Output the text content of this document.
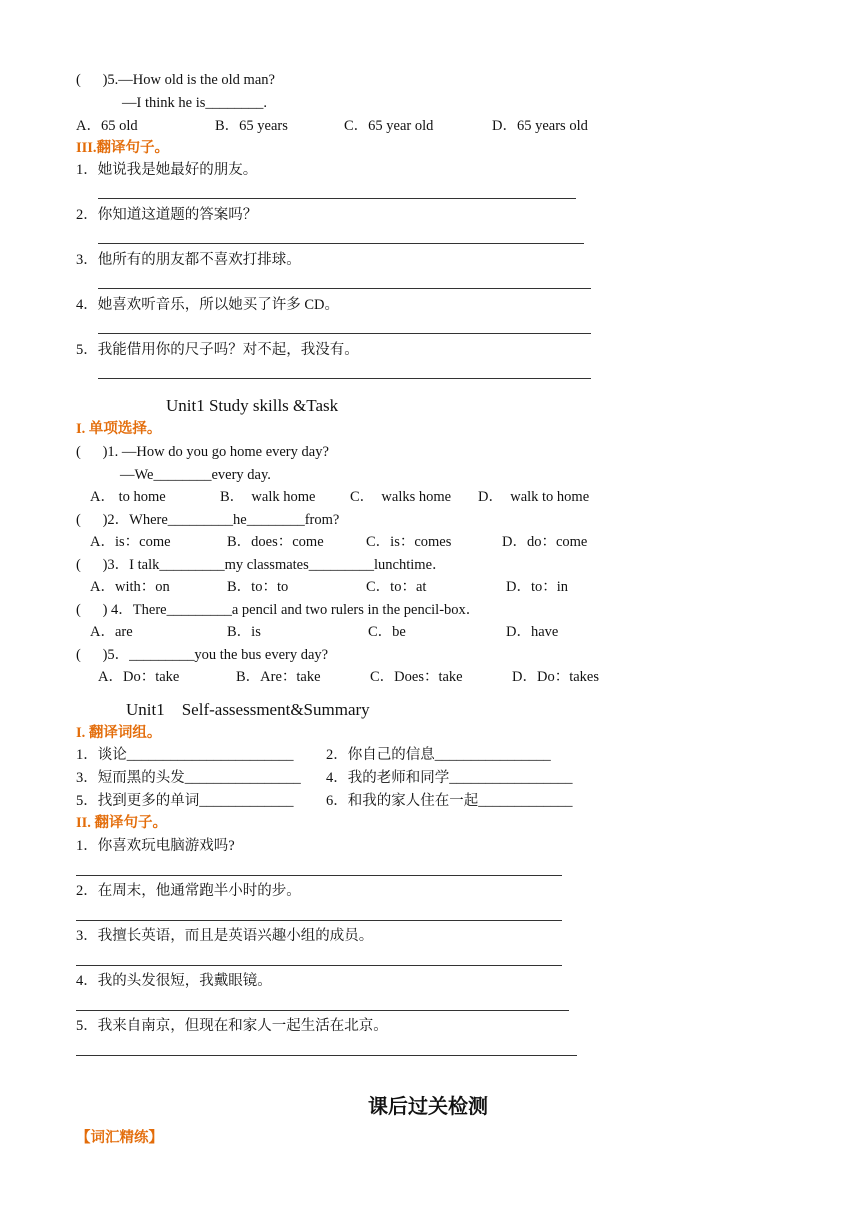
(      )5.—How old is the old man?
—I think he is________.
A．65 old	B．65 years	C．65 year old	D．65 years old
III.翻译句子。
1．她说我是她最好的朋友。
2．你知道这道题的答案吗？
3．他所有的朋友都不喜欢打排球。
4．她喜欢听音乐，所以她买了许多 CD。
5．我能借用你的尺子吗？对不起，我没有。
Unit1 Study skills &Task
I. 单项选择。
(      )1. —How do you go home every day?
—We________every day.
A． to home	B．  walk home C．  walks home D．  walk to home
(      )2．Where_________he________from?
A．is：come	B．does：come	C．is：comes	D．do：come
(      )3．I talk_________my classmates_________lunchtime．
A．with：on	B．to：to	C．to：at	D．to：in
(      ) 4．There_________a pencil and two rulers in the pencil-box．
A．are	B．is	C．be	D．have
(      )5．_________you the bus every day?
A．Do：take	B．Are：take	C．Does：take	D．Do：takes
Unit1    Self-assessment&Summary
I. 翻译词组。
1．谈论_______________________ 2．你自己的信息________________
3．短而黑的头发________________ 4．我的老师和同学_________________
5．找到更多的单词_____________ 6．和我的家人住在一起_____________
II. 翻译句子。
1．你喜欢玩电脑游戏吗?
2．在周末，他通常跑半小时的步。
3．我擅长英语，而且是英语兴趣小组的成员。
4．我的头发很短，我戴眼镜。
5．我来自南京，但现在和家人一起生活在北京。
课后过关检测
【词汇精练】
